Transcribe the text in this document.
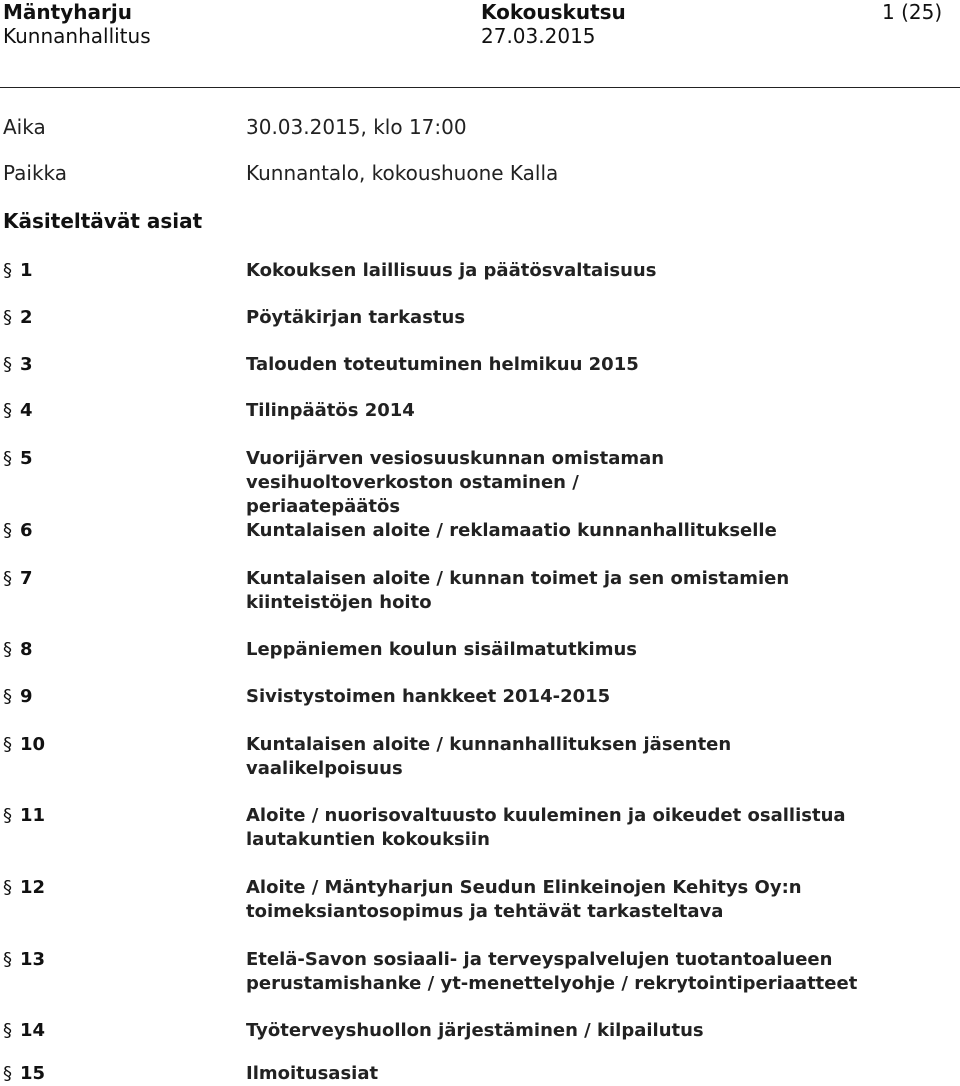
Mäntyharju
Kunnanhallitus
Kokouskutsu
27.03.2015
1 (25)
Aika	30.03.2015, klo 17:00
Paikka	Kunnantalo, kokoushuone Kalla
Käsiteltävät asiat
§ 1	Kokouksen laillisuus ja päätösvaltaisuus
§ 2	Pöytäkirjan tarkastus
§ 3	Talouden toteutuminen helmikuu 2015
§ 4	Tilinpäätös 2014
§ 5	Vuorijärven vesiosuuskunnan omistaman vesihuoltoverkoston ostaminen / periaatepäätös
§ 6	Kuntalaisen aloite / reklamaatio kunnanhallitukselle
§ 7	Kuntalaisen aloite / kunnan toimet ja sen omistamien kiinteistöjen hoito
§ 8	Leppäniemen koulun sisäilmatutkimus
§ 9	Sivistystoimen hankkeet 2014-2015
§ 10	Kuntalaisen aloite / kunnanhallituksen jäsenten vaalikelpoisuus
§ 11	Aloite / nuorisovaltuusto kuuleminen ja oikeudet osallistua lautakuntien kokouksiin
§ 12	Aloite / Mäntyharjun Seudun Elinkeinojen Kehitys Oy:n toimeksiantosopimus ja tehtävät tarkasteltava
§ 13	Etelä-Savon sosiaali- ja terveyspalvelujen tuotantoalueen perustamishanke / yt-menettelyohje / rekrytointiperiaatteet
§ 14	Työterveyshuollon järjestäminen / kilpailutus
§ 15	Ilmoitusasiat
